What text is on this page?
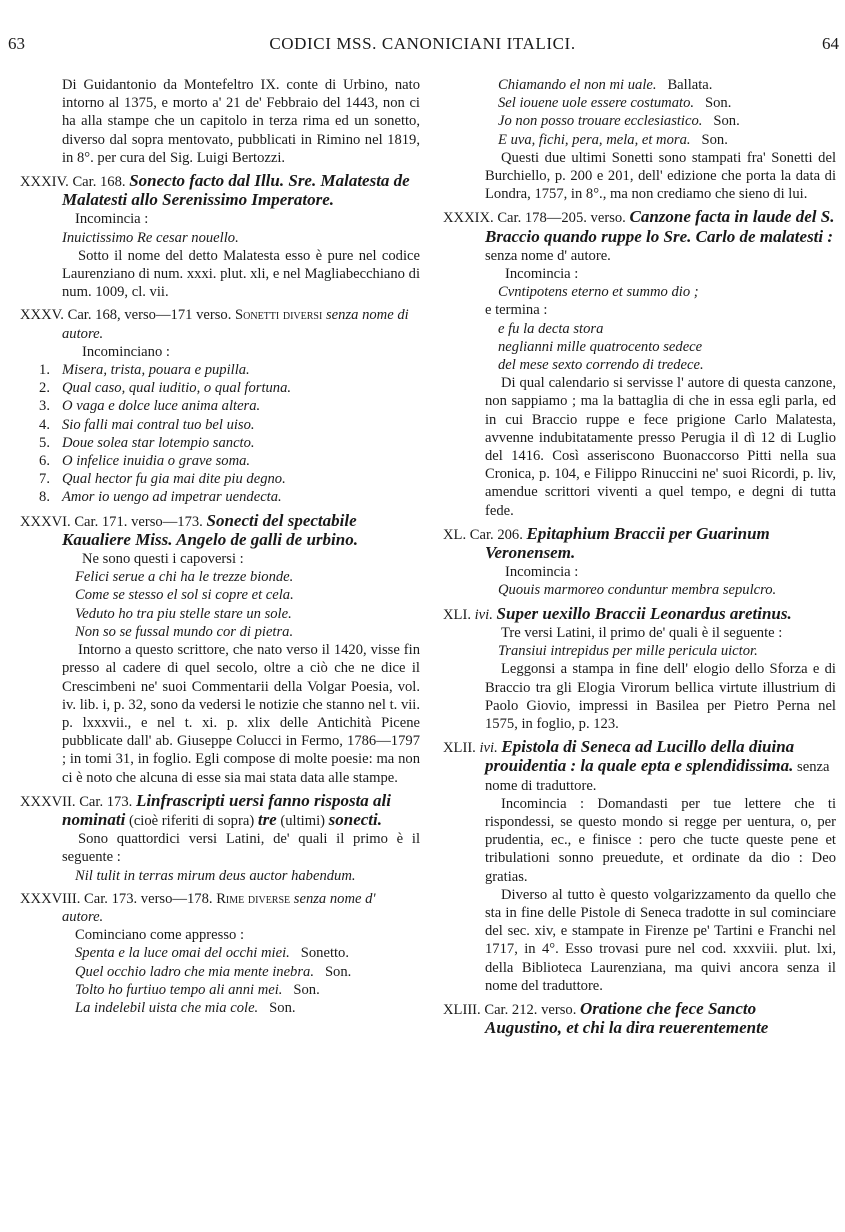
63	CODICI MSS. CANONICIANI ITALICI.	64
Di Guidantonio da Montefeltro IX. conte di Urbino, nato intorno al 1375, e morto a' 21 de' Febbraio del 1443, non ci ha alla stampe che un capitolo in terza rima ed un sonetto, diverso dal sopra mentovato, pubblicati in Rimino nel 1819, in 8°. per cura del Sig. Luigi Bertozzi.
XXXIV. Car. 168. Sonecto facto dal Illu. Sre. Malatesta de Malatesti allo Serenissimo Imperatore.
Incomincia :
Inuictissimo Re cesar nouello.

Sotto il nome del detto Malatesta esso è pure nel codice Laurenziano di num. xxxi. plut. xli, e nel Magliabecchiano di num. 1009, cl. vii.

XXXV. Car. 168, verso—171 verso. Sonetti diversi senza nome di autore.
Incominciano :
1. Misera, trista, pouara e pupilla.
2. Qual caso, qual iuditio, o qual fortuna.
3. O vaga e dolce luce anima altera.
4. Sio falli mai contral tuo bel uiso.
5. Doue solea star lotempio sancto.
6. O infelice inuidia o grave soma.
7. Qual hector fu gia mai dite piu degno.
8. Amor io uengo ad impetrar uendecta.
XXXVI. Car. 171. verso—173. Sonecti del spectabile Kaualiere Miss. Angelo de galli de urbino.
Ne sono questi i capoversi :
Felici serue a chi ha le trezze bionde.
Come se stesso el sol si copre et cela.
Veduto ho tra piu stelle stare un sole.
Non so se fussal mundo cor di pietra.

Intorno a questo scrittore, che nato verso il 1420, visse fin presso al cadere di quel secolo, oltre a ciò che ne dice il Crescimbeni ne' suoi Commentarii della Volgar Poesia, vol. iv. lib. i, p. 32, sono da vedersi le notizie che stanno nel t. vii. p. lxxxvii., e nel t. xi. p. xlix delle Antichità Picene pubblicate dall' ab. Giuseppe Colucci in Fermo, 1786—1797 ; in tomi 31, in foglio. Egli compose di molte poesie: ma non ci è noto che alcuna di esse sia mai stata data alle stampe.

XXXVII. Car. 173. Linfrascripti uersi fanno risposta ali nominati (cioè riferiti di sopra) tre (ultimi) sonecti.

Sono quattordici versi Latini, de' quali il primo è il seguente :

Nil tulit in terras mirum deus auctor habendum.
XXXVIII. Car. 173. verso—178. Rime diverse senza nome d' autore.
Cominciano come appresso :
Spenta e la luce omai del occhi miei. Sonetto.
Quel occhio ladro che mia mente inebra. Son.
Tolto ho furtiuo tempo ali anni mei. Son.
La indelebil uista che mia cole. Son.
Chiamando el non mi uale. Ballata.
Sel iouene uole essere costumato. Son.
Jo non posso trouare ecclesiastico. Son.
E uva, fichi, pera, mela, et mora. Son.

Questi due ultimi Sonetti sono stampati fra' Sonetti del Burchiello, p. 200 e 201, dell' edizione che porta la data di Londra, 1757, in 8°., ma non crediamo che sieno di lui.

XXXIX. Car. 178—205. verso. Canzone facta in laude del S. Braccio quando ruppe lo Sre. Carlo de malatesti : senza nome d' autore.
Incomincia :
Cvntipotens eterno et summo dio ;
e termina :
e fu la decta stora
neglianni mille quatrocento sedece
del mese sexto correndo di tredece.

Di qual calendario si servisse l' autore di questa canzone, non sappiamo ; ma la battaglia di che in essa egli parla, ed in cui Braccio ruppe e fece prigione Carlo Malatesta, avvenne indubitatamente presso Perugia il dì 12 di Luglio del 1416. Così asseriscono Buonaccorso Pitti nella sua Cronica, p. 104, e Filippo Rinuccini ne' suoi Ricordi, p. liv, amendue scrittori viventi a quel tempo, e degni di tutta fede.

XL. Car. 206. Epitaphium Braccii per Guarinum Veronensem.
Incomincia :
Quouis marmoreo conduntur membra sepulcro.
XLI. ivi. Super uexillo Braccii Leonardus aretinus.

Tre versi Latini, il primo de' quali è il seguente :

Transiui intrepidus per mille pericula uictor.

Leggonsi a stampa in fine dell' elogio dello Sforza e di Braccio tra gli Elogia Virorum bellica virtute illustrium di Paolo Giovio, impressi in Basilea per Pietro Perna nel 1575, in foglio, p. 123.

XLII. ivi. Epistola di Seneca ad Lucillo della diuina prouidentia : la quale epta e splendidissima. senza nome di traduttore.

Incomincia : Domandasti per tue lettere che ti rispondessi, se questo mondo si regge per uentura, o, per prudentia, ec., e finisce : pero che tucte queste pene et tribulationi sonno preuedute, et ordinate da dio : Deo gratias.

Diverso al tutto è questo volgarizzamento da quello che sta in fine delle Pistole di Seneca tradotte in sul cominciare del sec. xiv, e stampate in Firenze pe' Tartini e Franchi nel 1717, in 4°. Esso trovasi pure nel cod. xxxviii. plut. lxi, della Biblioteca Laurenziana, ma quivi ancora senza il nome del traduttore.

XLIII. Car. 212. verso. Oratione che fece Sancto Augustino, et chi la dira reuerentemente
